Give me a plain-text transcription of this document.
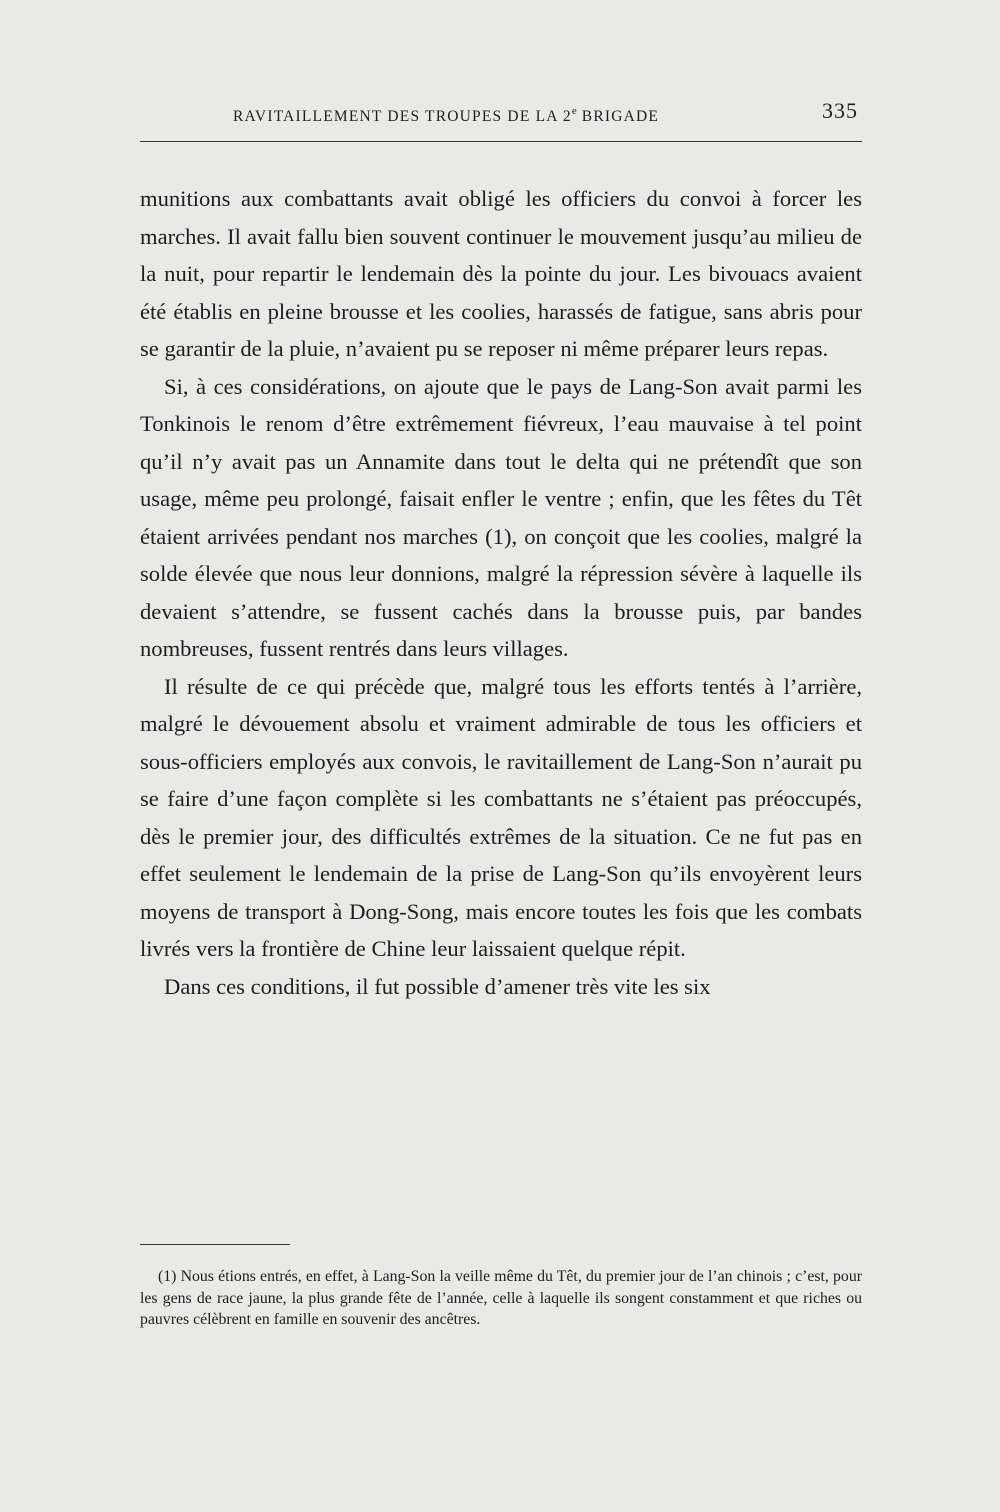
RAVITAILLEMENT DES TROUPES DE LA 2e BRIGADE	335

munitions aux combattants avait obligé les officiers du convoi à forcer les marches. Il avait fallu bien souvent continuer le mouvement jusqu’au milieu de la nuit, pour repartir le lendemain dès la pointe du jour. Les bivouacs avaient été établis en pleine brousse et les coolies, harassés de fatigue, sans abris pour se garantir de la pluie, n’avaient pu se reposer ni même préparer leurs repas.

Si, à ces considérations, on ajoute que le pays de Lang-Son avait parmi les Tonkinois le renom d’être extrêmement fiévreux, l’eau mauvaise à tel point qu’il n’y avait pas un Annamite dans tout le delta qui ne prétendît que son usage, même peu prolongé, faisait enfler le ventre ; enfin, que les fêtes du Têt étaient arrivées pendant nos marches (1), on conçoit que les coolies, malgré la solde élevée que nous leur donnions, malgré la répression sévère à laquelle ils devaient s’attendre, se fussent cachés dans la brousse puis, par bandes nombreuses, fussent rentrés dans leurs villages.

Il résulte de ce qui précède que, malgré tous les efforts tentés à l’arrière, malgré le dévouement absolu et vraiment admirable de tous les officiers et sous-officiers employés aux convois, le ravitaillement de Lang-Son n’aurait pu se faire d’une façon complète si les combattants ne s’étaient pas préoccupés, dès le premier jour, des difficultés extrêmes de la situation. Ce ne fut pas en effet seulement le lendemain de la prise de Lang-Son qu’ils envoyèrent leurs moyens de transport à Dong-Song, mais encore toutes les fois que les combats livrés vers la frontière de Chine leur laissaient quelque répit.

Dans ces conditions, il fut possible d’amener très vite les six

(1) Nous étions entrés, en effet, à Lang-Son la veille même du Têt, du premier jour de l’an chinois ; c’est, pour les gens de race jaune, la plus grande fête de l’année, celle à laquelle ils songent constamment et que riches ou pauvres célèbrent en famille en souvenir des ancêtres.
